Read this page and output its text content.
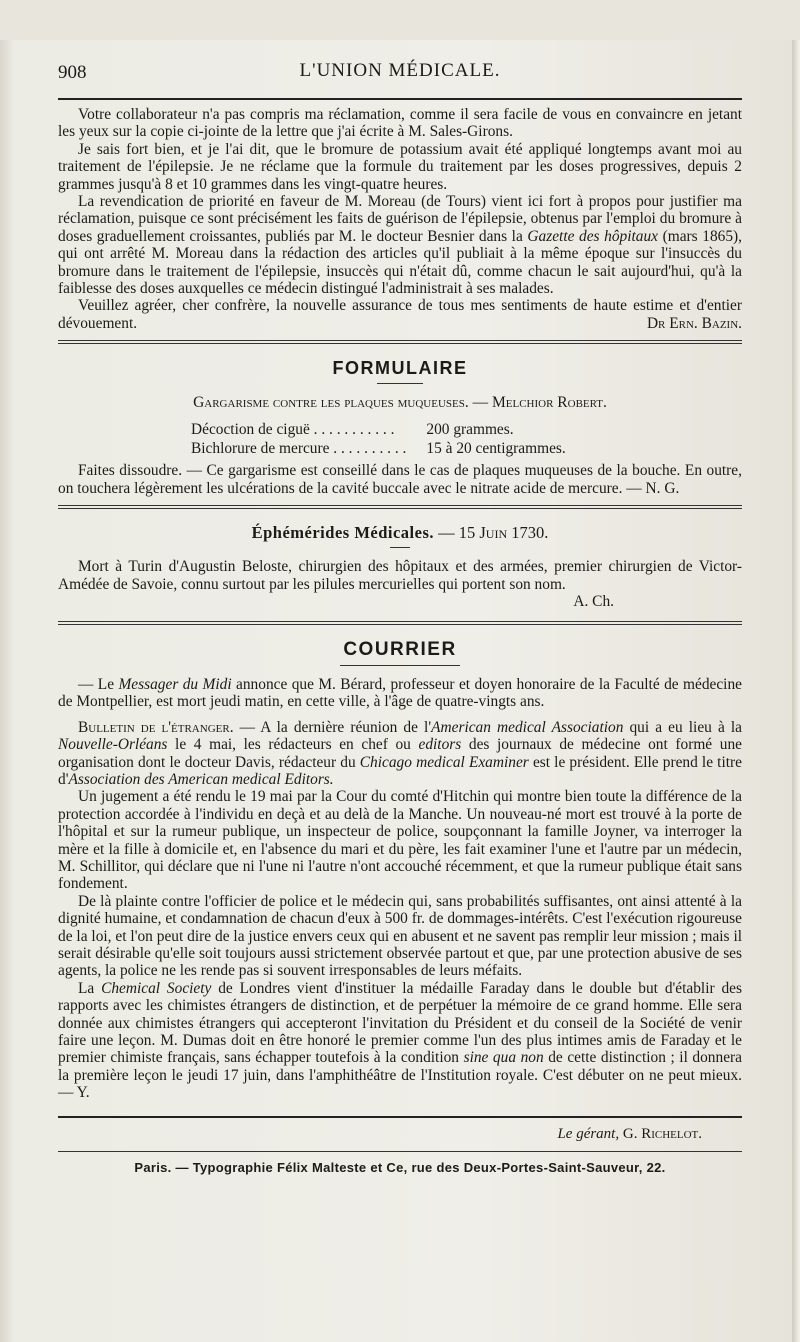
908	L'UNION MÉDICALE.

Votre collaborateur n'a pas compris ma réclamation, comme il sera facile de vous en convaincre en jetant les yeux sur la copie ci-jointe de la lettre que j'ai écrite à M. Sales-Girons.

Je sais fort bien, et je l'ai dit, que le bromure de potassium avait été appliqué longtemps avant moi au traitement de l'épilepsie. Je ne réclame que la formule du traitement par les doses progressives, depuis 2 grammes jusqu'à 8 et 10 grammes dans les vingt-quatre heures.

La revendication de priorité en faveur de M. Moreau (de Tours) vient ici fort à propos pour justifier ma réclamation, puisque ce sont précisément les faits de guérison de l'épilepsie, obtenus par l'emploi du bromure à doses graduellement croissantes, publiés par M. le docteur Besnier dans la Gazette des hôpitaux (mars 1865), qui ont arrêté M. Moreau dans la rédaction des articles qu'il publiait à la même époque sur l'insuccès du bromure dans le traitement de l'épilepsie, insuccès qui n'était dû, comme chacun le sait aujourd'hui, qu'à la faiblesse des doses auxquelles ce médecin distingué l'administrait à ses malades.

Veuillez agréer, cher confrère, la nouvelle assurance de tous mes sentiments de haute estime et d'entier dévouement.	Dr Ern. Bazin.

FORMULAIRE
Gargarisme contre les plaques muqueuses. — Melchior Robert.
Décoction de ciguë . . . . . . . . . . .	200 grammes.
Bichlorure de mercure . . . . . . . . . .	15 à 20 centigrammes.

Faites dissoudre. — Ce gargarisme est conseillé dans le cas de plaques muqueuses de la bouche. En outre, on touchera légèrement les ulcérations de la cavité buccale avec le nitrate acide de mercure. — N. G.

Éphémérides Médicales. — 15 Juin 1730.

Mort à Turin d'Augustin Beloste, chirurgien des hôpitaux et des armées, premier chirurgien de Victor-Amédée de Savoie, connu surtout par les pilules mercurielles qui portent son nom.

A. Ch.
COURRIER

— Le Messager du Midi annonce que M. Bérard, professeur et doyen honoraire de la Faculté de médecine de Montpellier, est mort jeudi matin, en cette ville, à l'âge de quatre-vingts ans.

Bulletin de l'étranger. — A la dernière réunion de l'American medical Association qui a eu lieu à la Nouvelle-Orléans le 4 mai, les rédacteurs en chef ou editors des journaux de médecine ont formé une organisation dont le docteur Davis, rédacteur du Chicago medical Examiner est le président. Elle prend le titre d'Association des American medical Editors.

Un jugement a été rendu le 19 mai par la Cour du comté d'Hitchin qui montre bien toute la différence de la protection accordée à l'individu en deçà et au delà de la Manche. Un nouveau-né mort est trouvé à la porte de l'hôpital et sur la rumeur publique, un inspecteur de police, soupçonnant la famille Joyner, va interroger la mère et la fille à domicile et, en l'absence du mari et du père, les fait examiner l'une et l'autre par un médecin, M. Schillitor, qui déclare que ni l'une ni l'autre n'ont accouché récemment, et que la rumeur publique était sans fondement.

De là plainte contre l'officier de police et le médecin qui, sans probabilités suffisantes, ont ainsi attenté à la dignité humaine, et condamnation de chacun d'eux à 500 fr. de dommages-intérêts. C'est l'exécution rigoureuse de la loi, et l'on peut dire de la justice envers ceux qui en abusent et ne savent pas remplir leur mission ; mais il serait désirable qu'elle soit toujours aussi strictement observée partout et que, par une protection abusive de ses agents, la police ne les rende pas si souvent irresponsables de leurs méfaits.

La Chemical Society de Londres vient d'instituer la médaille Faraday dans le double but d'établir des rapports avec les chimistes étrangers de distinction, et de perpétuer la mémoire de ce grand homme. Elle sera donnée aux chimistes étrangers qui accepteront l'invitation du Président et du conseil de la Société de venir faire une leçon. M. Dumas doit en être honoré le premier comme l'un des plus intimes amis de Faraday et le premier chimiste français, sans échapper toutefois à la condition sine qua non de cette distinction ; il donnera la première leçon le jeudi 17 juin, dans l'amphithéâtre de l'Institution royale. C'est débuter on ne peut mieux. — Y.

Le gérant, G. Richelot.
Paris. — Typographie Félix Malteste et Ce, rue des Deux-Portes-Saint-Sauveur, 22.
